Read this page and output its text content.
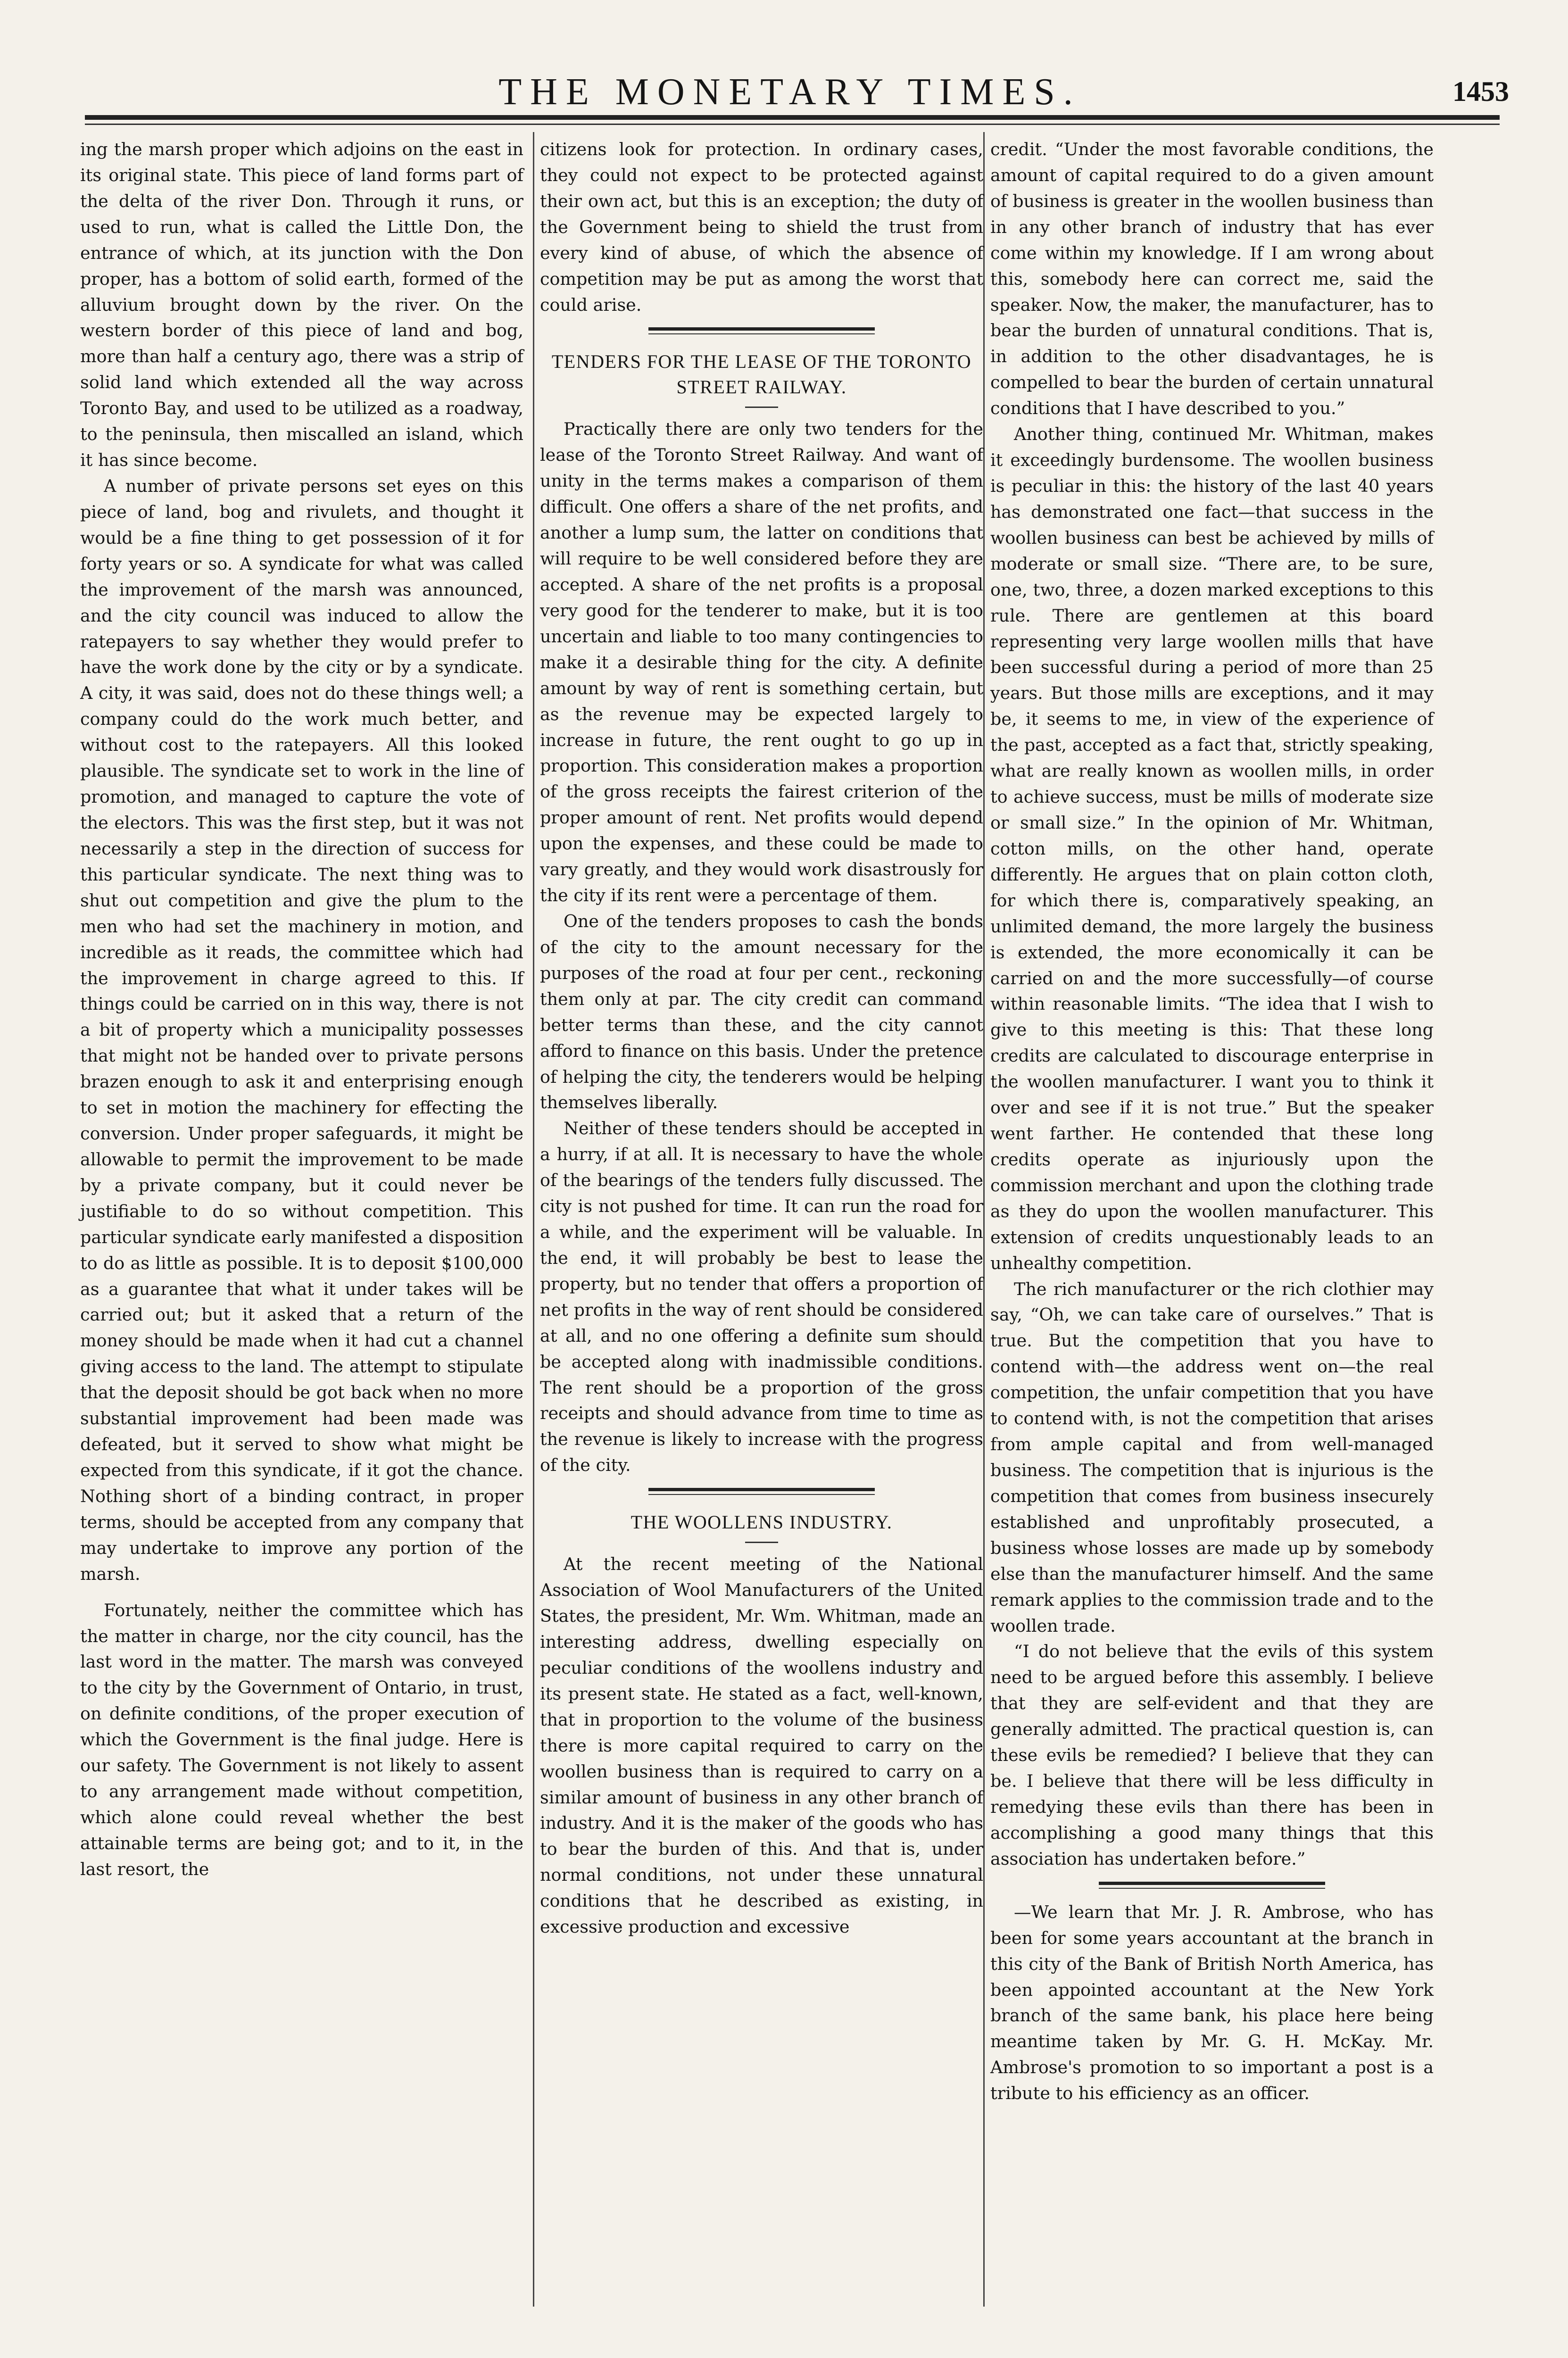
THE MONETARY TIMES.	1453

ing the marsh proper which adjoins on the east in its original state. This piece of land forms part of the delta of the river Don. Through it runs, or used to run, what is called the Little Don, the entrance of which, at its junction with the Don proper, has a bottom of solid earth, formed of the alluvium brought down by the river. On the western border of this piece of land and bog, more than half a century ago, there was a strip of solid land which extended all the way across Toronto Bay, and used to be utilized as a roadway, to the peninsula, then miscalled an island, which it has since become.

A number of private persons set eyes on this piece of land, bog and rivulets, and thought it would be a fine thing to get possession of it for forty years or so. A syndicate for what was called the improvement of the marsh was announced, and the city council was induced to allow the ratepayers to say whether they would prefer to have the work done by the city or by a syndicate. A city, it was said, does not do these things well; a company could do the work much better, and without cost to the ratepayers. All this looked plausible. The syndicate set to work in the line of promotion, and managed to capture the vote of the electors. This was the first step, but it was not necessarily a step in the direction of success for this particular syndicate. The next thing was to shut out competition and give the plum to the men who had set the machinery in motion, and incredible as it reads, the committee which had the improvement in charge agreed to this. If things could be carried on in this way, there is not a bit of property which a municipality possesses that might not be handed over to private persons brazen enough to ask it and enterprising enough to set in motion the machinery for effecting the conversion. Under proper safeguards, it might be allowable to permit the improvement to be made by a private company, but it could never be justifiable to do so without competition. This particular syndicate early manifested a disposition to do as little as possible. It is to deposit $100,000 as a guarantee that what it under takes will be carried out; but it asked that a return of the money should be made when it had cut a channel giving access to the land. The attempt to stipulate that the deposit should be got back when no more substantial improvement had been made was defeated, but it served to show what might be expected from this syndicate, if it got the chance. Nothing short of a binding contract, in proper terms, should be accepted from any company that may undertake to improve any portion of the marsh.

Fortunately, neither the committee which has the matter in charge, nor the city council, has the last word in the matter. The marsh was conveyed to the city by the Government of Ontario, in trust, on definite conditions, of the proper execution of which the Government is the final judge. Here is our safety. The Government is not likely to assent to any arrangement made without competition, which alone could reveal whether the best attainable terms are being got; and to it, in the last resort, the

citizens look for protection. In ordinary cases, they could not expect to be protected against their own act, but this is an exception; the duty of the Government being to shield the trust from every kind of abuse, of which the absence of competition may be put as among the worst that could arise.

TENDERS FOR THE LEASE OF THE TORONTO STREET RAILWAY.

Practically there are only two tenders for the lease of the Toronto Street Railway. And want of unity in the terms makes a comparison of them difficult. One offers a share of the net profits, and another a lump sum, the latter on conditions that will require to be well considered before they are accepted. A share of the net profits is a proposal very good for the tenderer to make, but it is too uncertain and liable to too many contingencies to make it a desirable thing for the city. A definite amount by way of rent is something certain, but as the revenue may be expected largely to increase in future, the rent ought to go up in proportion. This consideration makes a proportion of the gross receipts the fairest criterion of the proper amount of rent. Net profits would depend upon the expenses, and these could be made to vary greatly, and they would work disastrously for the city if its rent were a percentage of them.

One of the tenders proposes to cash the bonds of the city to the amount necessary for the purposes of the road at four per cent., reckoning them only at par. The city credit can command better terms than these, and the city cannot afford to finance on this basis. Under the pretence of helping the city, the tenderers would be helping themselves liberally.

Neither of these tenders should be accepted in a hurry, if at all. It is necessary to have the whole of the bearings of the tenders fully discussed. The city is not pushed for time. It can run the road for a while, and the experiment will be valuable. In the end, it will probably be best to lease the property, but no tender that offers a proportion of net profits in the way of rent should be considered at all, and no one offering a definite sum should be accepted along with inadmissible conditions. The rent should be a proportion of the gross receipts and should advance from time to time as the revenue is likely to increase with the progress of the city.

THE WOOLLENS INDUSTRY.

At the recent meeting of the National Association of Wool Manufacturers of the United States, the president, Mr. Wm. Whitman, made an interesting address, dwelling especially on peculiar conditions of the woollens industry and its present state. He stated as a fact, well-known, that in proportion to the volume of the business there is more capital required to carry on the woollen business than is required to carry on a similar amount of business in any other branch of industry. And it is the maker of the goods who has to bear the burden of this. And that is, under normal conditions, not under these unnatural conditions that he described as existing, in excessive production and excessive

credit. “Under the most favorable conditions, the amount of capital required to do a given amount of business is greater in the woollen business than in any other branch of industry that has ever come within my knowledge. If I am wrong about this, somebody here can correct me, said the speaker. Now, the maker, the manufacturer, has to bear the burden of unnatural conditions. That is, in addition to the other disadvantages, he is compelled to bear the burden of certain unnatural conditions that I have described to you.”

Another thing, continued Mr. Whitman, makes it exceedingly burdensome. The woollen business is peculiar in this: the history of the last 40 years has demonstrated one fact—that success in the woollen business can best be achieved by mills of moderate or small size. “There are, to be sure, one, two, three, a dozen marked exceptions to this rule. There are gentlemen at this board representing very large woollen mills that have been successful during a period of more than 25 years. But those mills are exceptions, and it may be, it seems to me, in view of the experience of the past, accepted as a fact that, strictly speaking, what are really known as woollen mills, in order to achieve success, must be mills of moderate size or small size.” In the opinion of Mr. Whitman, cotton mills, on the other hand, operate differently. He argues that on plain cotton cloth, for which there is, comparatively speaking, an unlimited demand, the more largely the business is extended, the more economically it can be carried on and the more successfully—of course within reasonable limits. “The idea that I wish to give to this meeting is this: That these long credits are calculated to discourage enterprise in the woollen manufacturer. I want you to think it over and see if it is not true.” But the speaker went farther. He contended that these long credits operate as injuriously upon the commission merchant and upon the clothing trade as they do upon the woollen manufacturer. This extension of credits unquestionably leads to an unhealthy competition.

The rich manufacturer or the rich clothier may say, “Oh, we can take care of ourselves.” That is true. But the competition that you have to contend with—the address went on—the real competition, the unfair competition that you have to contend with, is not the competition that arises from ample capital and from well-managed business. The competition that is injurious is the competition that comes from business insecurely established and unprofitably prosecuted, a business whose losses are made up by somebody else than the manufacturer himself. And the same remark applies to the commission trade and to the woollen trade.

“I do not believe that the evils of this system need to be argued before this assembly. I believe that they are self-evident and that they are generally admitted. The practical question is, can these evils be remedied? I believe that they can be. I believe that there will be less difficulty in remedying these evils than there has been in accomplishing a good many things that this association has undertaken before.”

—We learn that Mr. J. R. Ambrose, who has been for some years accountant at the branch in this city of the Bank of British North America, has been appointed accountant at the New York branch of the same bank, his place here being meantime taken by Mr. G. H. McKay. Mr. Ambrose's promotion to so important a post is a tribute to his efficiency as an officer.
